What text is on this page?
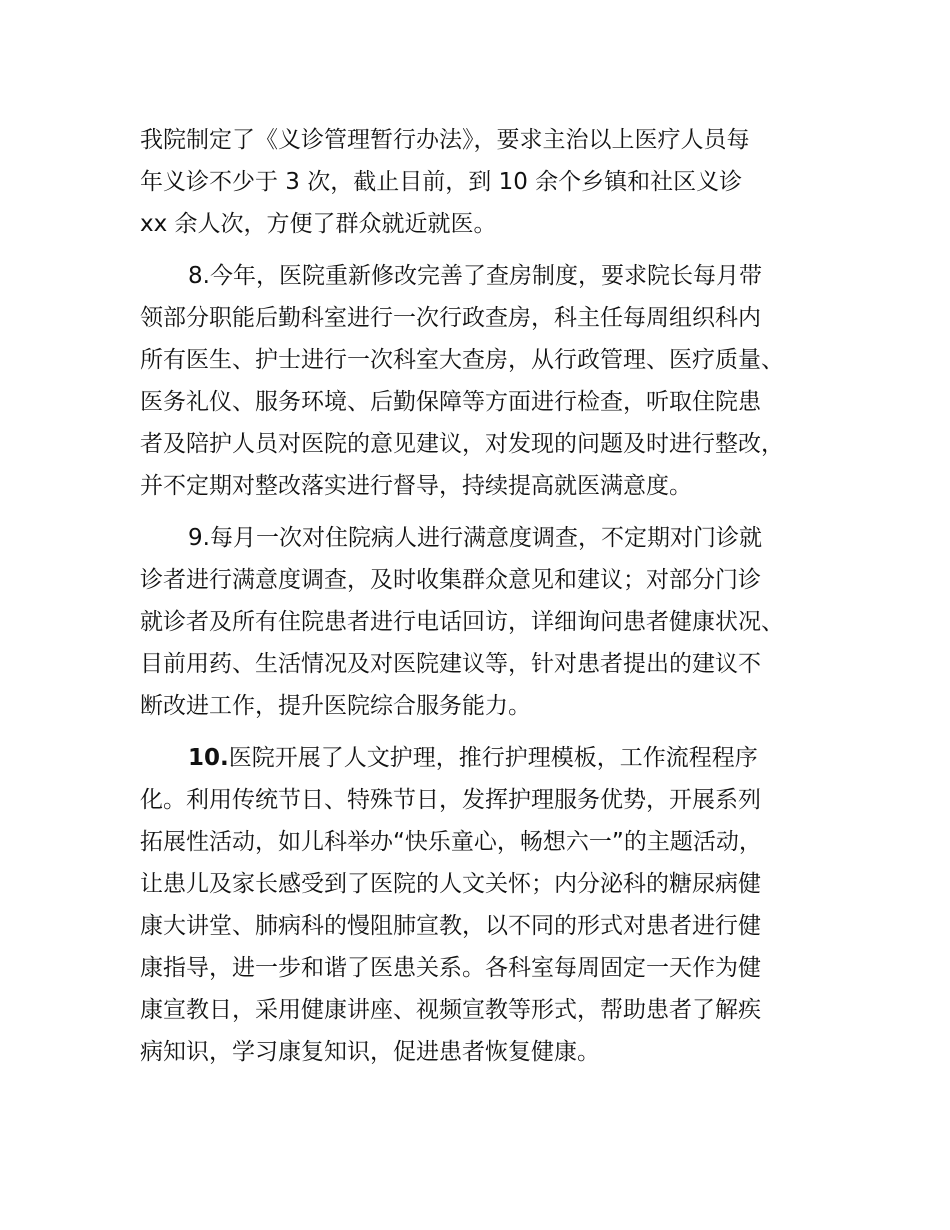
我院制定了《义诊管理暂行办法》，要求主治以上医疗人员每
年义诊不少于 3 次，截止目前，到 10 余个乡镇和社区义诊
xx 余人次，方便了群众就近就医。
8.今年，医院重新修改完善了查房制度，要求院长每月带
领部分职能后勤科室进行一次行政查房，科主任每周组织科内
所有医生、护士进行一次科室大查房，从行政管理、医疗质量、
医务礼仪、服务环境、后勤保障等方面进行检查，听取住院患
者及陪护人员对医院的意见建议，对发现的问题及时进行整改，
并不定期对整改落实进行督导，持续提高就医满意度。
9.每月一次对住院病人进行满意度调查，不定期对门诊就
诊者进行满意度调查，及时收集群众意见和建议；对部分门诊
就诊者及所有住院患者进行电话回访，详细询问患者健康状况、
目前用药、生活情况及对医院建议等，针对患者提出的建议不
断改进工作，提升医院综合服务能力。
10.医院开展了人文护理，推行护理模板，工作流程程序
化。利用传统节日、特殊节日，发挥护理服务优势，开展系列
拓展性活动，如儿科举办“快乐童心，畅想六一”的主题活动，
让患儿及家长感受到了医院的人文关怀；内分泌科的糖尿病健
康大讲堂、肺病科的慢阻肺宣教，以不同的形式对患者进行健
康指导，进一步和谐了医患关系。各科室每周固定一天作为健
康宣教日，采用健康讲座、视频宣教等形式，帮助患者了解疾
病知识，学习康复知识，促进患者恢复健康。
